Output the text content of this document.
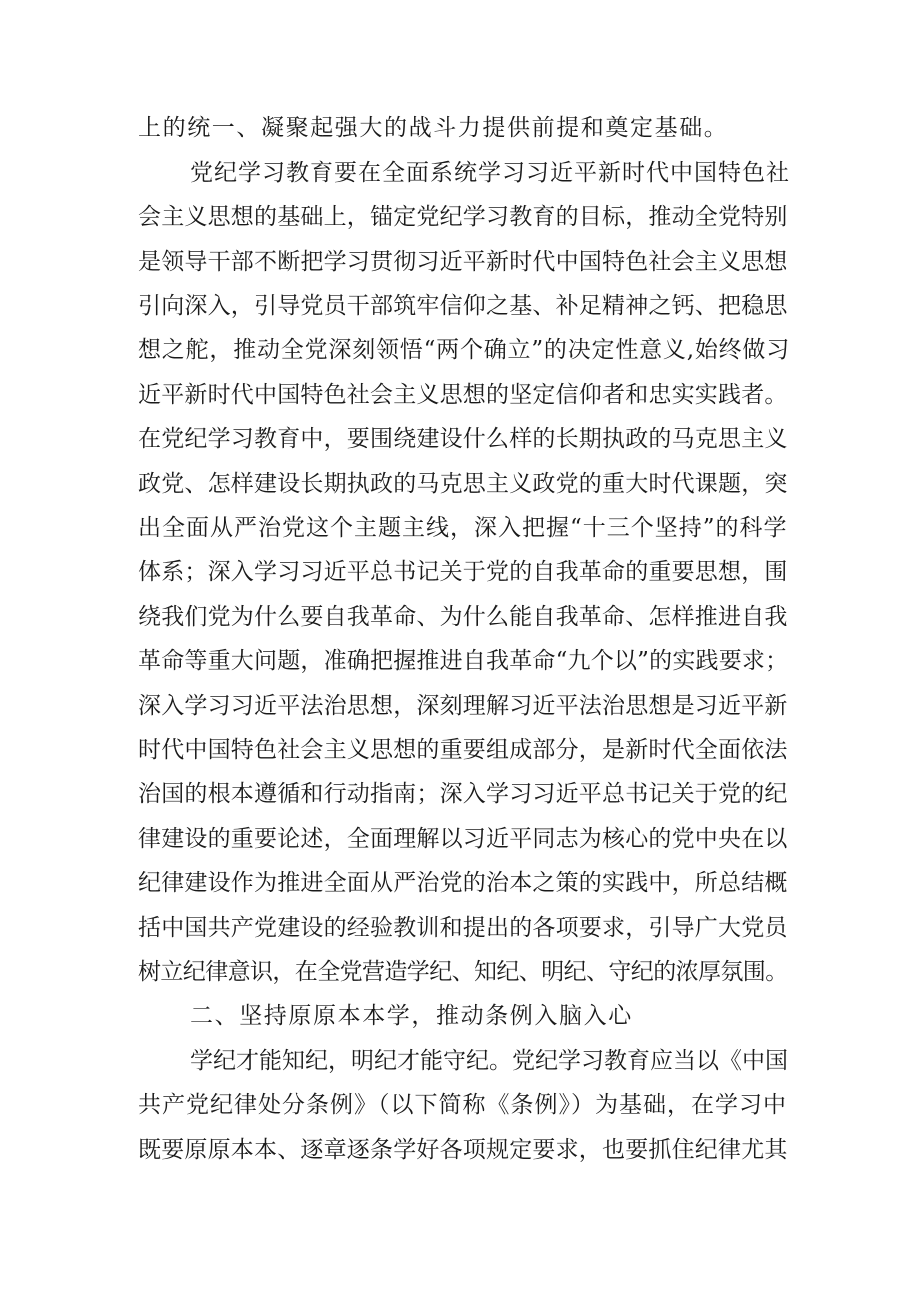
上的统一、凝聚起强大的战斗力提供前提和奠定基础。
党纪学习教育要在全面系统学习习近平新时代中国特色社
会主义思想的基础上，锚定党纪学习教育的目标，推动全党特别
是领导干部不断把学习贯彻习近平新时代中国特色社会主义思想
引向深入，引导党员干部筑牢信仰之基、补足精神之钙、把稳思
想之舵，推动全党深刻领悟“两个确立”的决定性意义,始终做习
近平新时代中国特色社会主义思想的坚定信仰者和忠实实践者。
在党纪学习教育中，要围绕建设什么样的长期执政的马克思主义
政党、怎样建设长期执政的马克思主义政党的重大时代课题，突
出全面从严治党这个主题主线，深入把握“十三个坚持”的科学
体系；深入学习习近平总书记关于党的自我革命的重要思想，围
绕我们党为什么要自我革命、为什么能自我革命、怎样推进自我
革命等重大问题，准确把握推进自我革命“九个以”的实践要求；
深入学习习近平法治思想，深刻理解习近平法治思想是习近平新
时代中国特色社会主义思想的重要组成部分，是新时代全面依法
治国的根本遵循和行动指南；深入学习习近平总书记关于党的纪
律建设的重要论述，全面理解以习近平同志为核心的党中央在以
纪律建设作为推进全面从严治党的治本之策的实践中，所总结概
括中国共产党建设的经验教训和提出的各项要求，引导广大党员
树立纪律意识，在全党营造学纪、知纪、明纪、守纪的浓厚氛围。
二、坚持原原本本学，推动条例入脑入心
学纪才能知纪，明纪才能守纪。党纪学习教育应当以《中国
共产党纪律处分条例》（以下简称《条例》）为基础，在学习中
既要原原本本、逐章逐条学好各项规定要求，也要抓住纪律尤其
